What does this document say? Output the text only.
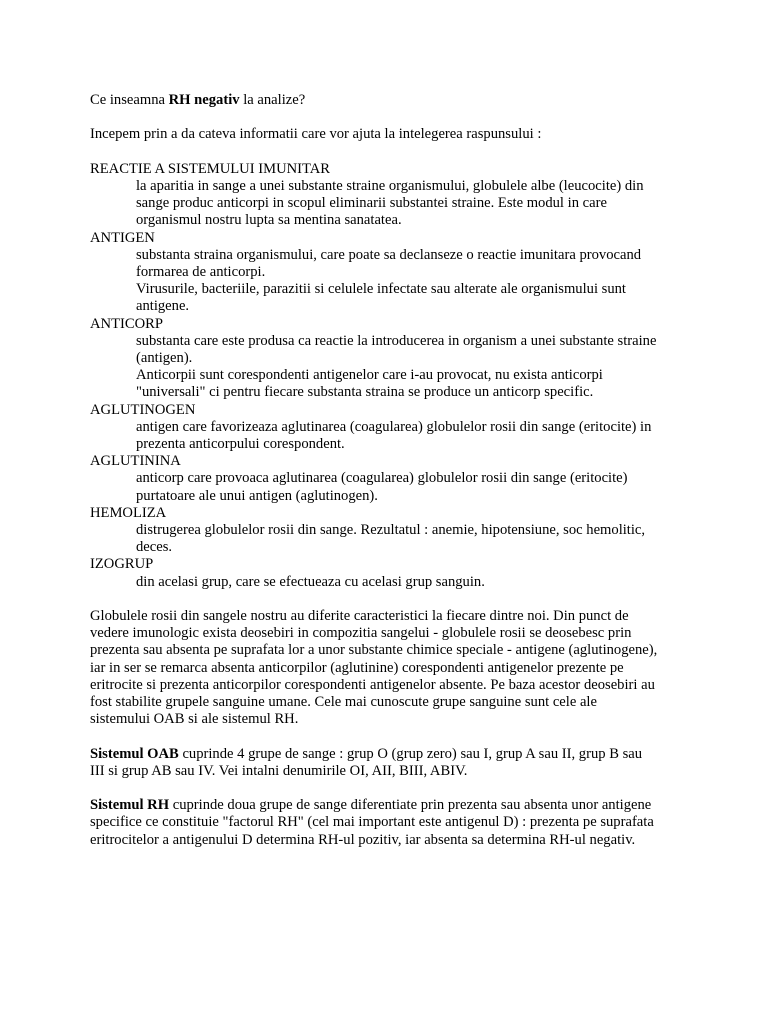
Ce inseamna RH negativ la analize?

Incepem prin a da cateva informatii care vor ajuta la intelegerea raspunsului :

REACTIE A SISTEMULUI IMUNITAR

la aparitia in sange a unei substante straine organismului, globulele albe (leucocite) din sange produc anticorpi in scopul eliminarii substantei straine. Este modul in care organismul nostru lupta sa mentina sanatatea.

ANTIGEN

substanta straina organismului, care poate sa declanseze o reactie imunitara provocand formarea de anticorpi.

Virusurile, bacteriile, parazitii si celulele infectate sau alterate ale organismului sunt antigene.

ANTICORP

substanta care este produsa ca reactie la introducerea in organism a unei substante straine (antigen).

Anticorpii sunt corespondenti antigenelor care i-au provocat, nu exista anticorpi "universali" ci pentru fiecare substanta straina se produce un anticorp specific.

AGLUTINOGEN

antigen care favorizeaza aglutinarea (coagularea) globulelor rosii din sange (eritocite) in prezenta anticorpului corespondent.

AGLUTININA

anticorp care provoaca aglutinarea (coagularea) globulelor rosii din sange (eritocite) purtatoare ale unui antigen (aglutinogen).

HEMOLIZA

distrugerea globulelor rosii din sange. Rezultatul : anemie, hipotensiune, soc hemolitic, deces.

IZOGRUP

din acelasi grup, care se efectueaza cu acelasi grup sanguin.

Globulele rosii din sangele nostru au diferite caracteristici la fiecare dintre noi. Din punct de vedere imunologic exista deosebiri in compozitia sangelui - globulele rosii se deosebesc prin prezenta sau absenta pe suprafata lor a unor substante chimice speciale - antigene (aglutinogene), iar in ser se remarca absenta anticorpilor (aglutinine) corespondenti antigenelor prezente pe eritrocite si prezenta anticorpilor corespondenti antigenelor absente. Pe baza acestor deosebiri au fost stabilite grupele sanguine umane. Cele mai cunoscute grupe sanguine sunt cele ale sistemului OAB si ale sistemul RH.

Sistemul OAB cuprinde 4 grupe de sange : grup O (grup zero) sau I, grup A sau II, grup B sau III si grup AB sau IV. Vei intalni denumirile OI, AII, BIII, ABIV.

Sistemul RH cuprinde doua grupe de sange diferentiate prin prezenta sau absenta unor antigene specifice ce constituie "factorul RH" (cel mai important este antigenul D) : prezenta pe suprafata eritrocitelor a antigenului D determina RH-ul pozitiv, iar absenta sa determina RH-ul negativ.
